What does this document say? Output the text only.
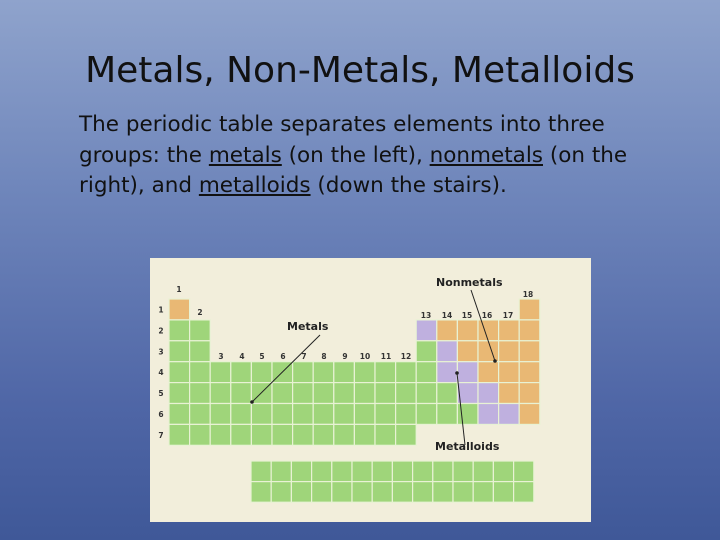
Metals, Non-Metals, Metalloids
The periodic table separates elements into three groups: the metals (on the left), nonmetals (on the right), and metalloids (down the stairs).
1
2
3 4 5 6 7 8 9 10 11 12
13 14 15 16 17
18
1
2
3
4
5
6
7
Metals
Nonmetals
Metalloids
